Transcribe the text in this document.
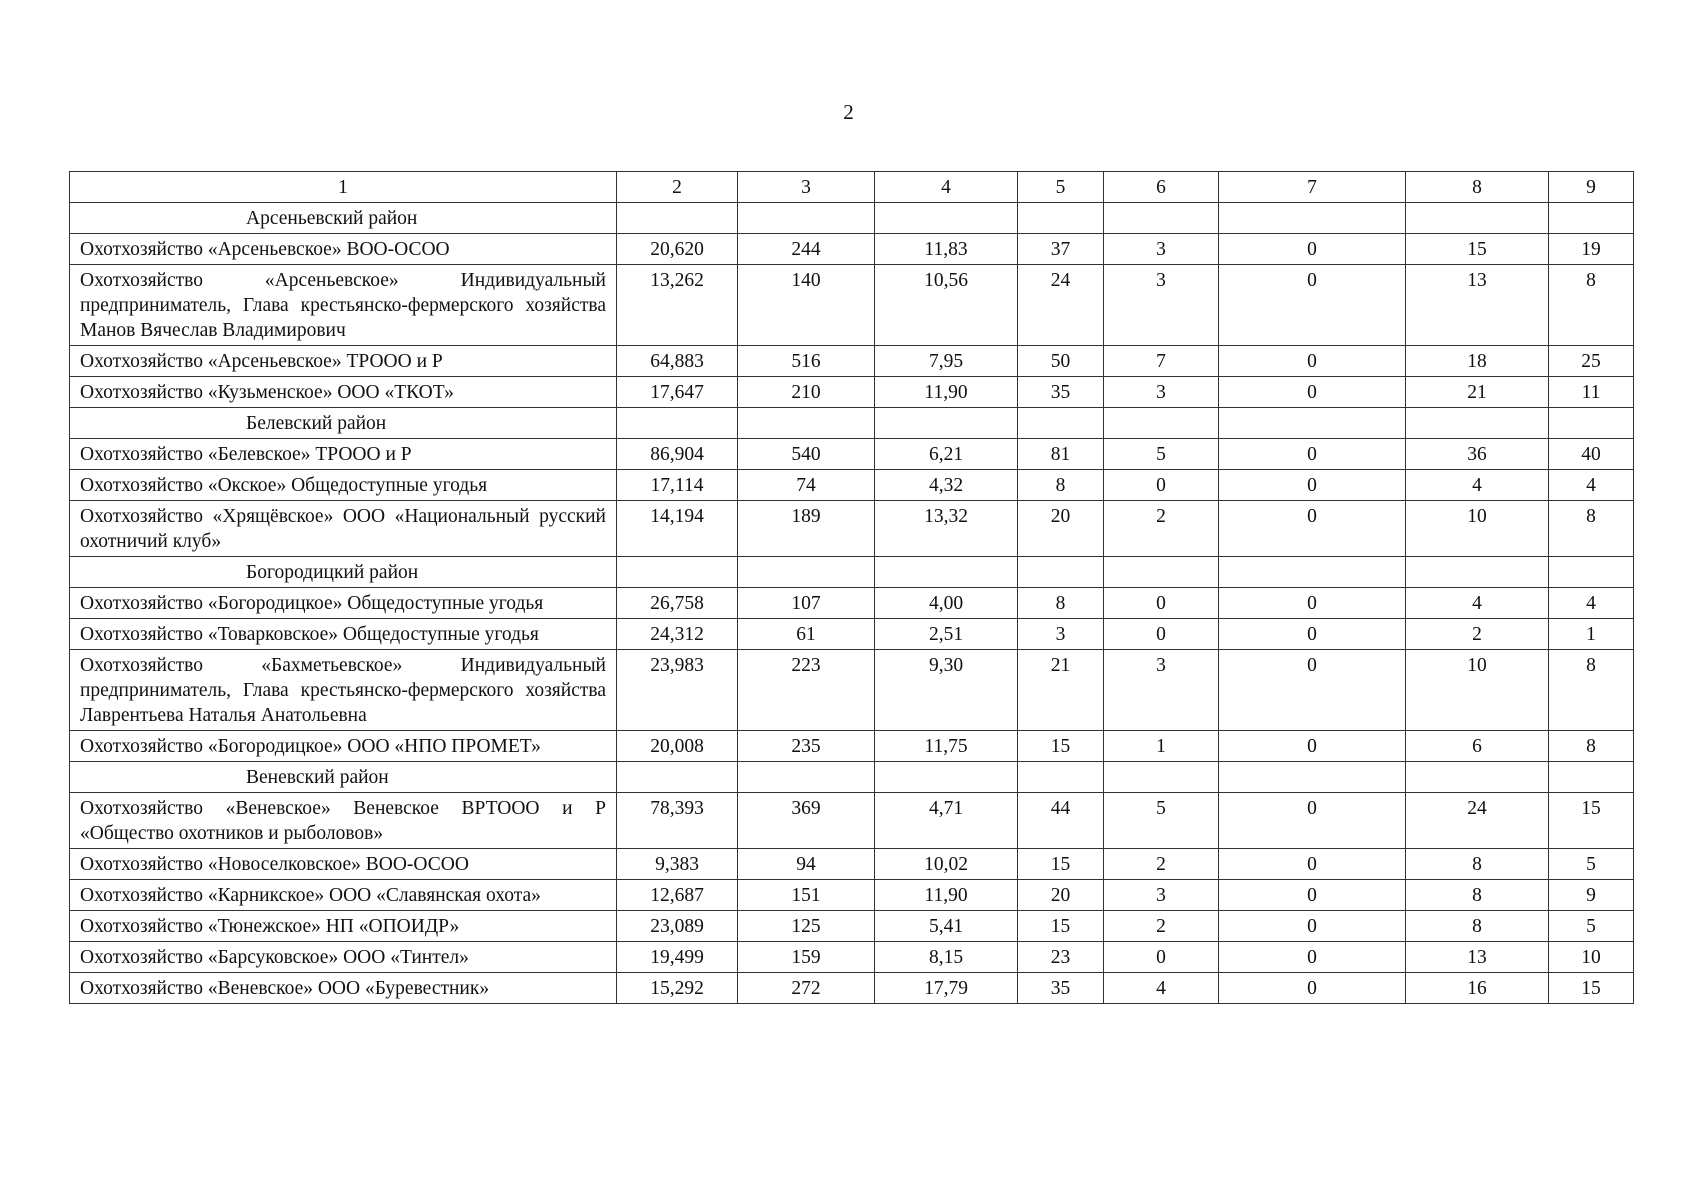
2
1	2	3	4	5	6	7	8	9
Арсеньевский район								
Охотхозяйство «Арсеньевское» ВОО-ОСОО	20,620	244	11,83	37	3	0	15	19
Охотхозяйство «Арсеньевское» Индивидуальный предприниматель, Глава крестьянско-фермерского хозяйства Манов Вячеслав Владимирович	13,262	140	10,56	24	3	0	13	8
Охотхозяйство «Арсеньевское» ТРООО и Р	64,883	516	7,95	50	7	0	18	25
Охотхозяйство «Кузьменское» ООО «ТКОТ»	17,647	210	11,90	35	3	0	21	11
Белевский район								
Охотхозяйство «Белевское» ТРООО и Р	86,904	540	6,21	81	5	0	36	40
Охотхозяйство «Окское» Общедоступные угодья	17,114	74	4,32	8	0	0	4	4
Охотхозяйство «Хрящёвское» ООО «Национальный русский охотничий клуб»	14,194	189	13,32	20	2	0	10	8
Богородицкий район								
Охотхозяйство «Богородицкое» Общедоступные угодья	26,758	107	4,00	8	0	0	4	4
Охотхозяйство «Товарковское» Общедоступные угодья	24,312	61	2,51	3	0	0	2	1
Охотхозяйство «Бахметьевское» Индивидуальный предприниматель, Глава крестьянско-фермерского хозяйства Лаврентьева Наталья Анатольевна	23,983	223	9,30	21	3	0	10	8
Охотхозяйство «Богородицкое» ООО «НПО ПРОМЕТ»	20,008	235	11,75	15	1	0	6	8
Веневский район								
Охотхозяйство «Веневское» Веневское ВРТООО и Р «Общество охотников и рыболовов»	78,393	369	4,71	44	5	0	24	15
Охотхозяйство «Новоселковское» ВОО-ОСОО	9,383	94	10,02	15	2	0	8	5
Охотхозяйство «Карникское» ООО «Славянская охота»	12,687	151	11,90	20	3	0	8	9
Охотхозяйство «Тюнежское» НП «ОПОИДР»	23,089	125	5,41	15	2	0	8	5
Охотхозяйство «Барсуковское» ООО «Тинтел»	19,499	159	8,15	23	0	0	13	10
Охотхозяйство «Веневское» ООО «Буревестник»	15,292	272	17,79	35	4	0	16	15
